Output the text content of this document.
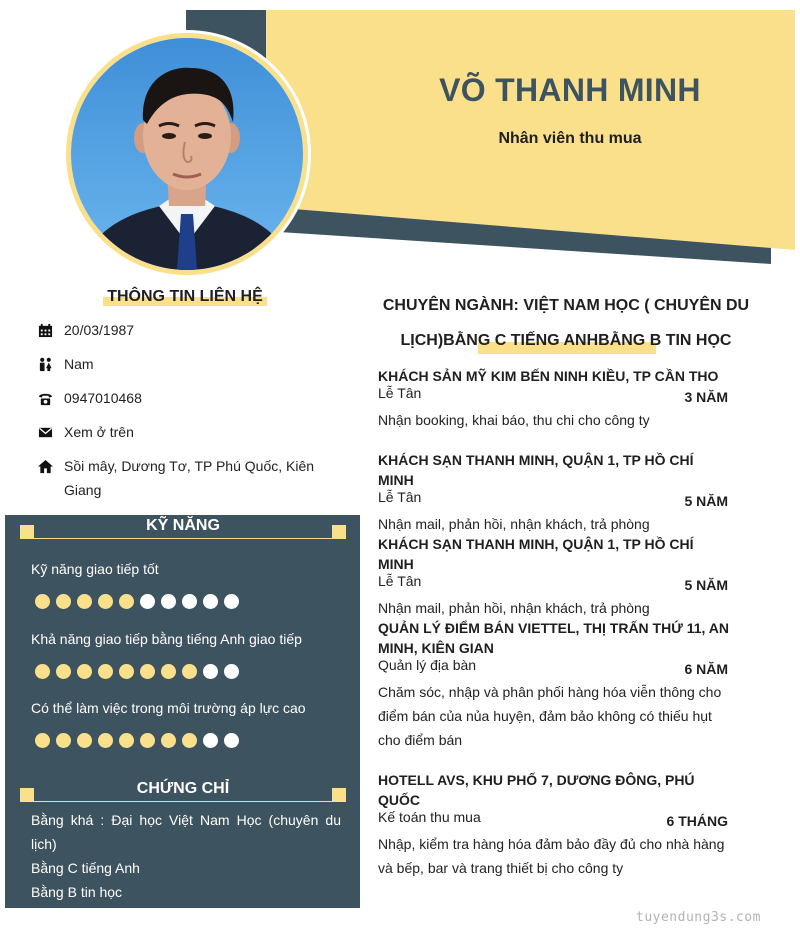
VÕ THANH MINH
Nhân viên thu mua
THÔNG TIN LIÊN HỆ
20/03/1987
Nam
0947010468
Xem ở trên
Sồi mây, Dương Tơ, TP Phú Quốc, Kiên Giang
KỸ NĂNG
Kỹ năng giao tiếp tốt
Khả năng giao tiếp bằng tiếng Anh giao tiếp
Có thể làm việc trong môi trường áp lực cao
CHỨNG CHỈ
Bằng khá : Đại học Việt Nam Học (chuyên du lịch)
Bằng C tiếng Anh
Bằng B tin học
CHUYÊN NGÀNH: VIỆT NAM HỌC ( CHUYÊN DU
LỊCH)BẰNG C TIẾNG ANHBẰNG B TIN HỌC
KHÁCH SẢN MỸ KIM BẾN NINH KIỀU, TP CẦN THO
Lễ Tân	3 NĂM
Nhận booking, khai báo, thu chi cho công ty
KHÁCH SẠN THANH MINH, QUẬN 1, TP HỒ CHÍ MINH
Lễ Tân	5 NĂM
Nhận mail, phản hồi, nhận khách, trả phòng
KHÁCH SẠN THANH MINH, QUẬN 1, TP HỒ CHÍ MINH
Lễ Tân	5 NĂM
Nhận mail, phản hồi, nhận khách, trả phòng
QUẢN LÝ ĐIỂM BÁN VIETTEL, THỊ TRẤN THỨ 11, AN MINH, KIÊN GIAN
Quản lý địa bàn	6 NĂM
Chăm sóc, nhập và phân phối hàng hóa viễn thông cho điểm bán của nủa huyện, đảm bảo không có thiếu hụt cho điểm bán
HOTELL AVS, KHU PHỐ 7, DƯƠNG ĐÔNG, PHÚ QUỐC
Kế toán thu mua	6 THÁNG
Nhập, kiểm tra hàng hóa đảm bảo đầy đủ cho nhà hàng và bếp, bar và trang thiết bị cho công ty
tuyendung3s.com
